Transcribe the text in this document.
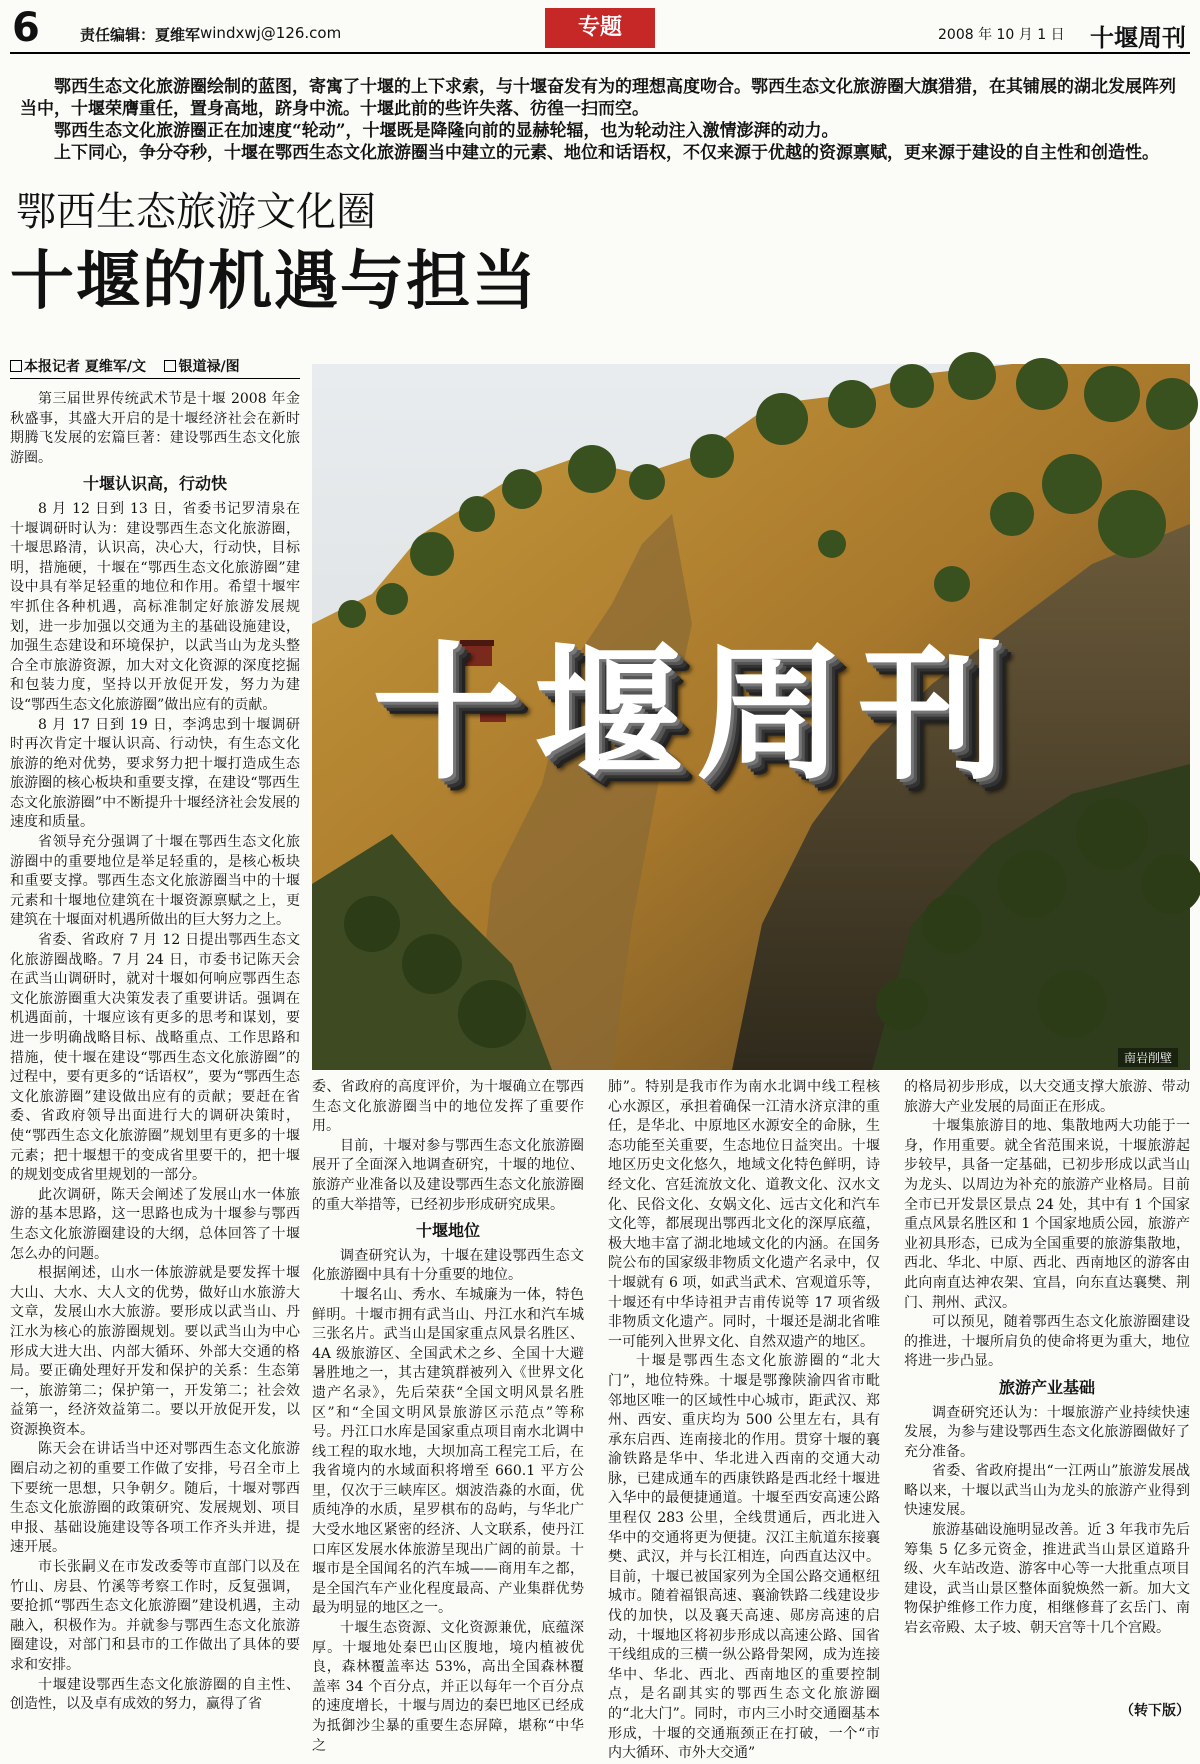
6	责任编辑：夏维军 windxwj@126.com	专题	2008 年 10 月 1 日 十堰周刊

鄂西生态文化旅游圈绘制的蓝图，寄寓了十堰的上下求索，与十堰奋发有为的理想高度吻合。鄂西生态文化旅游圈大旗猎猎，在其铺展的湖北发展阵列当中，十堰荣膺重任，置身高地，跻身中流。十堰此前的些许失落、彷徨一扫而空。

鄂西生态文化旅游圈正在加速度“轮动”，十堰既是降隆向前的显赫轮辐，也为轮动注入激情澎湃的动力。

上下同心，争分夺秒，十堰在鄂西生态文化旅游圈当中建立的元素、地位和话语权，不仅来源于优越的资源禀赋，更来源于建设的自主性和创造性。

鄂西生态旅游文化圈
十堰的机遇与担当
本报记者 夏维军/文 银道禄/图
十堰周刊
南岩削壁

第三届世界传统武术节是十堰 2008 年金秋盛事，其盛大开启的是十堰经济社会在新时期腾飞发展的宏篇巨著：建设鄂西生态文化旅游圈。

十堰认识高，行动快

8 月 12 日到 13 日，省委书记罗清泉在十堰调研时认为：建设鄂西生态文化旅游圈，十堰思路清，认识高，决心大，行动快，目标明，措施硬，十堰在“鄂西生态文化旅游圈”建设中具有举足轻重的地位和作用。希望十堰牢牢抓住各种机遇，高标准制定好旅游发展规划，进一步加强以交通为主的基础设施建设，加强生态建设和环境保护，以武当山为龙头整合全市旅游资源，加大对文化资源的深度挖掘和包装力度，坚持以开放促开发，努力为建设“鄂西生态文化旅游圈”做出应有的贡献。

8 月 17 日到 19 日，李鸿忠到十堰调研时再次肯定十堰认识高、行动快，有生态文化旅游的绝对优势，要求努力把十堰打造成生态旅游圈的核心板块和重要支撑，在建设“鄂西生态文化旅游圈”中不断提升十堰经济社会发展的速度和质量。

省领导充分强调了十堰在鄂西生态文化旅游圈中的重要地位是举足轻重的，是核心板块和重要支撑。鄂西生态文化旅游圈当中的十堰元素和十堰地位建筑在十堰资源禀赋之上，更建筑在十堰面对机遇所做出的巨大努力之上。

省委、省政府 7 月 12 日提出鄂西生态文化旅游圈战略。7 月 24 日，市委书记陈天会在武当山调研时，就对十堰如何响应鄂西生态文化旅游圈重大决策发表了重要讲话。强调在机遇面前，十堰应该有更多的思考和谋划，要进一步明确战略目标、战略重点、工作思路和措施，使十堰在建设“鄂西生态文化旅游圈”的过程中，要有更多的“话语权”，要为“鄂西生态文化旅游圈”建设做出应有的贡献；要赶在省委、省政府领导出面进行大的调研决策时，使“鄂西生态文化旅游圈”规划里有更多的十堰元素；把十堰想干的变成省里要干的，把十堰的规划变成省里规划的一部分。

此次调研，陈天会阐述了发展山水一体旅游的基本思路，这一思路也成为十堰参与鄂西生态文化旅游圈建设的大纲，总体回答了十堰怎么办的问题。

根据阐述，山水一体旅游就是要发挥十堰大山、大水、大人文的优势，做好山水旅游大文章，发展山水大旅游。要形成以武当山、丹江水为核心的旅游圈规划。要以武当山为中心形成大进大出、内部大循环、外部大交通的格局。要正确处理好开发和保护的关系：生态第一，旅游第二；保护第一，开发第二；社会效益第一，经济效益第二。要以开放促开发，以资源换资本。

陈天会在讲话当中还对鄂西生态文化旅游圈启动之初的重要工作做了安排，号召全市上下要统一思想，只争朝夕。随后，十堰对鄂西生态文化旅游圈的政策研究、发展规划、项目申报、基础设施建设等各项工作齐头并进，提速开展。

市长张嗣义在市发改委等市直部门以及在竹山、房县、竹溪等考察工作时，反复强调，要抢抓“鄂西生态文化旅游圈”建设机遇，主动融入，积极作为。并就参与鄂西生态文化旅游圈建设，对部门和县市的工作做出了具体的要求和安排。

十堰建设鄂西生态文化旅游圈的自主性、创造性，以及卓有成效的努力，赢得了省

委、省政府的高度评价，为十堰确立在鄂西生态文化旅游圈当中的地位发挥了重要作用。

目前，十堰对参与鄂西生态文化旅游圈展开了全面深入地调查研究，十堰的地位、旅游产业准备以及建设鄂西生态文化旅游圈的重大举措等，已经初步形成研究成果。

十堰地位

调查研究认为，十堰在建设鄂西生态文化旅游圈中具有十分重要的地位。

十堰名山、秀水、车城廉为一体，特色鲜明。十堰市拥有武当山、丹江水和汽车城三张名片。武当山是国家重点风景名胜区、4A 级旅游区、全国武术之乡、全国十大避暑胜地之一，其古建筑群被列入《世界文化遗产名录》，先后荣获“全国文明风景名胜区”和“全国文明风景旅游区示范点”等称号。丹江口水库是国家重点项目南水北调中线工程的取水地，大坝加高工程完工后，在我省境内的水域面积将增至 660.1 平方公里，仅次于三峡库区。烟波浩淼的水面，优质纯净的水质，星罗棋布的岛屿，与华北广大受水地区紧密的经济、人文联系，使丹江口库区发展水体旅游呈现出广阔的前景。十堰市是全国闻名的汽车城——商用车之都，是全国汽车产业化程度最高、产业集群优势最为明显的地区之一。

十堰生态资源、文化资源兼优，底蕴深厚。十堰地处秦巴山区腹地，境内植被优良，森林覆盖率达 53%，高出全国森林覆盖率 34 个百分点，并正以每年一个百分点的速度增长，十堰与周边的秦巴地区已经成为抵御沙尘暴的重要生态屏障，堪称“中华之

肺”。特别是我市作为南水北调中线工程核心水源区，承担着确保一江清水济京津的重任，是华北、中原地区水源安全的命脉，生态功能至关重要，生态地位日益突出。十堰地区历史文化悠久，地域文化特色鲜明，诗经文化、宫廷流放文化、道教文化、汉水文化、民俗文化、女娲文化、远古文化和汽车文化等，都展现出鄂西北文化的深厚底蕴，极大地丰富了湖北地域文化的内涵。在国务院公布的国家级非物质文化遗产名录中，仅十堰就有 6 项，如武当武术、宫观道乐等，十堰还有中华诗祖尹吉甫传说等 17 项省级非物质文化遗产。同时，十堰还是湖北省唯一可能列入世界文化、自然双遗产的地区。

十堰是鄂西生态文化旅游圈的“北大门”，地位特殊。十堰是鄂豫陕渝四省市毗邻地区唯一的区域性中心城市，距武汉、郑州、西安、重庆均为 500 公里左右，具有承东启西、连南接北的作用。贯穿十堰的襄渝铁路是华中、华北进入西南的交通大动脉，已建成通车的西康铁路是西北经十堰进入华中的最便捷通道。十堰至西安高速公路里程仅 283 公里，全线贯通后，西北进入华中的交通将更为便捷。汉江主航道东接襄樊、武汉，并与长江相连，向西直达汉中。目前，十堰已被国家列为全国公路交通枢纽城市。随着福银高速、襄渝铁路二线建设步伐的加快，以及襄天高速、郧房高速的启动，十堰地区将初步形成以高速公路、国省干线组成的三横一纵公路骨架网，成为连接华中、华北、西北、西南地区的重要控制点，是名副其实的鄂西生态文化旅游圈的“北大门”。同时，市内三小时交通圈基本形成，十堰的交通瓶颈正在打破，一个“市内大循环、市外大交通”

的格局初步形成，以大交通支撑大旅游、带动旅游大产业发展的局面正在形成。

十堰集旅游目的地、集散地两大功能于一身，作用重要。就全省范围来说，十堰旅游起步较早，具备一定基础，已初步形成以武当山为龙头、以周边为补充的旅游产业格局。目前全市已开发景区景点 24 处，其中有 1 个国家重点风景名胜区和 1 个国家地质公园，旅游产业初具形态，已成为全国重要的旅游集散地，西北、华北、中原、西北、西南地区的游客由此向南直达神农架、宜昌，向东直达襄樊、荆门、荆州、武汉。

可以预见，随着鄂西生态文化旅游圈建设的推进，十堰所肩负的使命将更为重大，地位将进一步凸显。

旅游产业基础

调查研究还认为：十堰旅游产业持续快速发展，为参与建设鄂西生态文化旅游圈做好了充分准备。

省委、省政府提出“一江两山”旅游发展战略以来，十堰以武当山为龙头的旅游产业得到快速发展。

旅游基础设施明显改善。近 3 年我市先后筹集 5 亿多元资金，推进武当山景区道路升级、火车站改造、游客中心等一大批重点项目建设，武当山景区整体面貌焕然一新。加大文物保护维修工作力度，相继修葺了玄岳门、南岩玄帝殿、太子坡、朝天宫等十几个宫殿。

（转下版）
